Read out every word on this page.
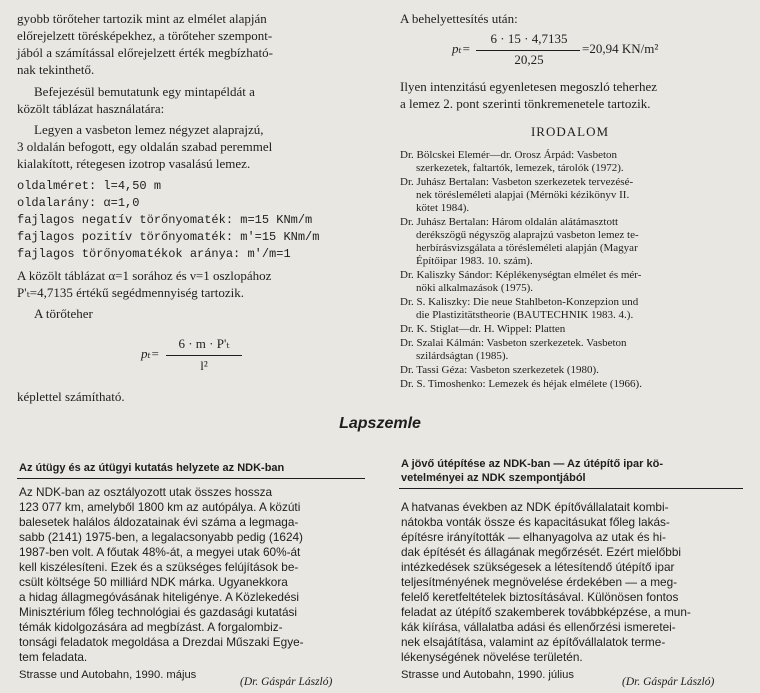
gyobb törőteher tartozik mint az elmélet alapján
előrejelzett törésképekhez, a törőteher szempont-
jából a számítással előrejelzett érték megbízható-
nak tekinthető.
Befejezésül bemutatunk egy mintapéldát a
közölt táblázat használatára:
Legyen a vasbeton lemez négyzet alaprajzú,
3 oldalán befogott, egy oldalán szabad peremmel
kialakított, rétegesen izotrop vasalású lemez.
oldalméret: l=4,50 m
oldalarány: α=1,0
fajlagos negatív törőnyomaték: m=15 KNm/m
fajlagos pozitív törőnyomaték: m'=15 KNm/m
fajlagos törőnyomatékok aránya: m'/m=1
A közölt táblázat α=1 sorához és ν=1 oszlopához
P'ₜ=4,7135 értékű segédmennyiség tartozik.
A törőteher
pₜ=
6 · m · P'ₜ
l²
képlettel számítható.
A behelyettesítés után:
pₜ=
6 · 15 · 4,7135
20,25
=20,94 KN/m²
Ilyen intenzitású egyenletesen megoszló teherhez
a lemez 2. pont szerinti tönkremenetele tartozik.
IRODALOM
Dr. Bölcskei Elemér—dr. Orosz Árpád: Vasbeton
szerkezetek, faltartók, lemezek, tárolók (1972).
Dr. Juhász Bertalan: Vasbeton szerkezetek tervezésé-
nek törésleméleti alapjai (Mérnöki kézikönyv II.
kötet 1984).
Dr. Juhász Bertalan: Három oldalán alátámasztott
derékszögű négyszög alaprajzú vasbeton lemez te-
herbírásvizsgálata a törésleméleti alapján (Magyar
Építőipar 1983. 10. szám).
Dr. Kaliszky Sándor: Képlékenységtan elmélet és mér-
nöki alkalmazások (1975).
Dr. S. Kaliszky: Die neue Stahlbeton-Konzepzion und
die Plastizitätstheorie (BAUTECHNIK 1983. 4.).
Dr. K. Stiglat—dr. H. Wippel: Platten
Dr. Szalai Kálmán: Vasbeton szerkezetek. Vasbeton
szilárdságtan (1985).
Dr. Tassi Géza: Vasbeton szerkezetek (1980).
Dr. S. Timoshenko: Lemezek és héjak elmélete (1966).
Lapszemle
Az útügy és az útügyi kutatás helyzete az NDK-ban
Az NDK-ban az osztályozott utak összes hossza
123 077 km, amelyből 1800 km az autópálya. A közúti
balesetek halálos áldozatainak évi száma a legmaga-
sabb (2141) 1975-ben, a legalacsonyabb pedig (1624)
1987-ben volt. A főutak 48%-át, a megyei utak 60%-át
kell kiszélesíteni. Ezek és a szükséges felújítások be-
csült költsége 50 milliárd NDK márka. Ugyanekkora
a hidag állagmegóvásának hiteligénye. A Közlekedési
Minisztérium főleg technológiai és gazdasági kutatási
témák kidolgozására ad megbízást. A forgalombiz-
tonsági feladatok megoldása a Drezdai Műszaki Egye-
tem feladata.
Strasse und Autobahn, 1990. május
(Dr. Gáspár László)
A jövő útépítése az NDK-ban — Az útépítő ipar kö-
vetelményei az NDK szempontjából
A hatvanas években az NDK építővállalatait kombi-
nátokba vonták össze és kapacitásukat főleg lakás-
építésre irányították — elhanyagolva az utak és hi-
dak építését és állagának megőrzését. Ezért mielőbbi
intézkedések szükségesek a létesítendő útépítő ipar
teljesítményének megnövelése érdekében — a meg-
felelő keretfeltételek biztosításával. Különösen fontos
feladat az útépítő szakemberek továbbképzése, a mun-
kák kiírása, vállalatba adási és ellenőrzési ismeretei-
nek elsajátítása, valamint az építővállalatok terme-
lékenységének növelése területén.
Strasse und Autobahn, 1990. július
(Dr. Gáspár László)
